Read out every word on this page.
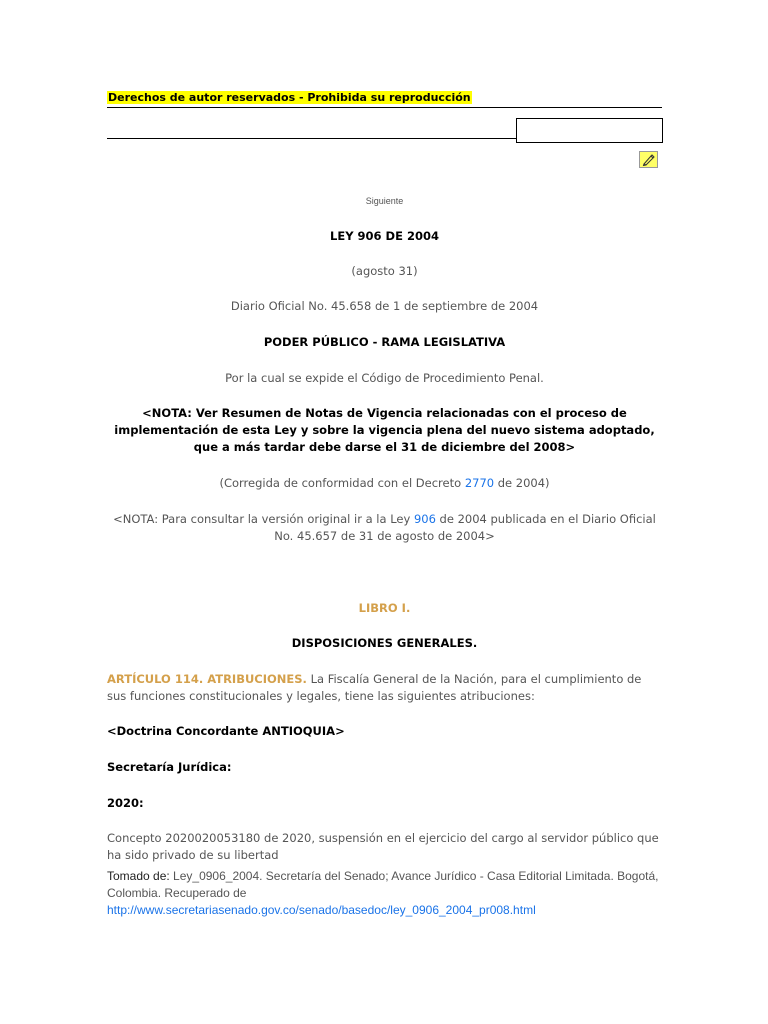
Derechos de autor reservados - Prohibida su reproducción
Siguiente
LEY 906 DE 2004
(agosto 31)
Diario Oficial No. 45.658 de 1 de septiembre de 2004
PODER PÚBLICO - RAMA LEGISLATIVA
Por la cual se expide el Código de Procedimiento Penal.
<NOTA: Ver Resumen de Notas de Vigencia relacionadas con el proceso de implementación de esta Ley y sobre la vigencia plena del nuevo sistema adoptado, que a más tardar debe darse el 31 de diciembre del 2008>
(Corregida de conformidad con el Decreto 2770 de 2004)
<NOTA: Para consultar la versión original ir a la Ley 906 de 2004 publicada en el Diario Oficial No. 45.657 de 31 de agosto de 2004>
LIBRO I.
DISPOSICIONES GENERALES.
ARTÍCULO 114. ATRIBUCIONES. La Fiscalía General de la Nación, para el cumplimiento de sus funciones constitucionales y legales, tiene las siguientes atribuciones:
<Doctrina Concordante ANTIOQUIA>
Secretaría Jurídica:
2020:
Concepto 2020020053180 de 2020, suspensión en el ejercicio del cargo al servidor público que ha sido privado de su libertad
Tomado de: Ley_0906_2004. Secretaría del Senado; Avance Jurídico - Casa Editorial Limitada. Bogotá, Colombia. Recuperado de http://www.secretariasenado.gov.co/senado/basedoc/ley_0906_2004_pr008.html
